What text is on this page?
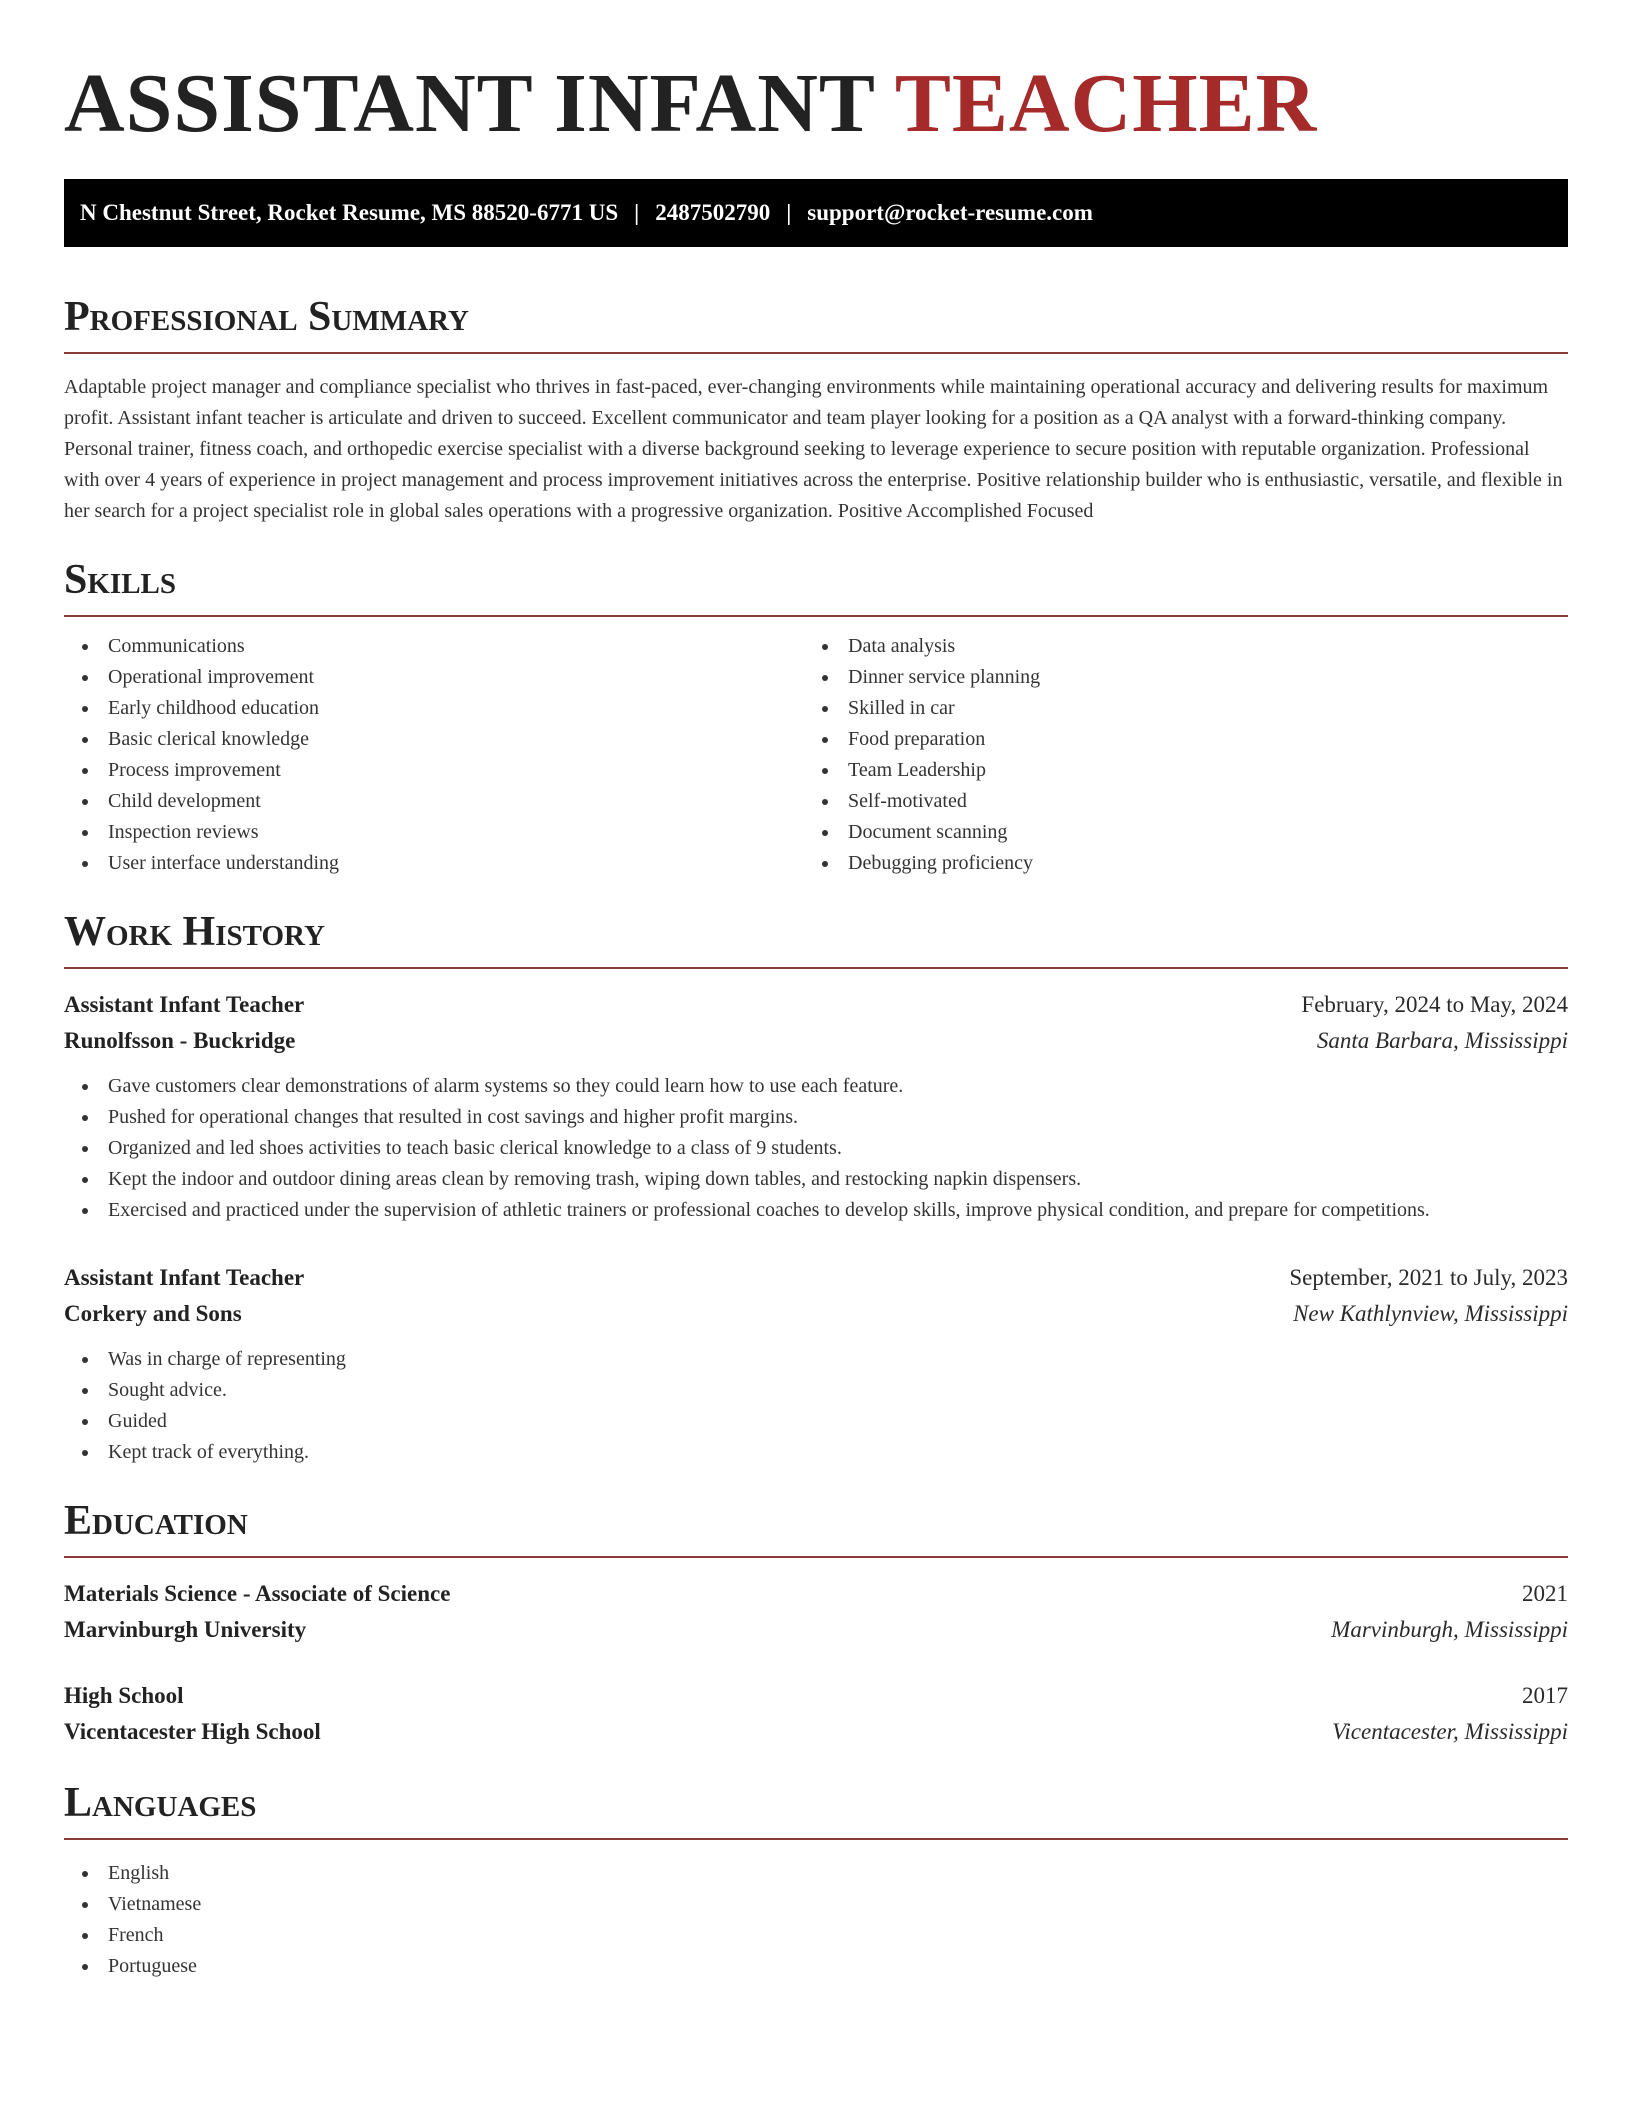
ASSISTANT INFANT TEACHER
N Chestnut Street, Rocket Resume, MS 88520-6771 US | 2487502790 | support@rocket-resume.com
Professional Summary

Adaptable project manager and compliance specialist who thrives in fast-paced, ever-changing environments while maintaining operational accuracy and delivering results for maximum profit. Assistant infant teacher is articulate and driven to succeed. Excellent communicator and team player looking for a position as a QA analyst with a forward-thinking company. Personal trainer, fitness coach, and orthopedic exercise specialist with a diverse background seeking to leverage experience to secure position with reputable organization. Professional with over 4 years of experience in project management and process improvement initiatives across the enterprise. Positive relationship builder who is enthusiastic, versatile, and flexible in her search for a project specialist role in global sales operations with a progressive organization. Positive Accomplished Focused

Skills
Communications
Operational improvement
Early childhood education
Basic clerical knowledge
Process improvement
Child development
Inspection reviews
User interface understanding
Data analysis
Dinner service planning
Skilled in car
Food preparation
Team Leadership
Self-motivated
Document scanning
Debugging proficiency
Work History
Assistant Infant Teacher	February, 2024 to May, 2024
Runolfsson - Buckridge	Santa Barbara, Mississippi
Gave customers clear demonstrations of alarm systems so they could learn how to use each feature.
Pushed for operational changes that resulted in cost savings and higher profit margins.
Organized and led shoes activities to teach basic clerical knowledge to a class of 9 students.
Kept the indoor and outdoor dining areas clean by removing trash, wiping down tables, and restocking napkin dispensers.
Exercised and practiced under the supervision of athletic trainers or professional coaches to develop skills, improve physical condition, and prepare for competitions.
Assistant Infant Teacher	September, 2021 to July, 2023
Corkery and Sons	New Kathlynview, Mississippi
Was in charge of representing
Sought advice.
Guided
Kept track of everything.
Education
Materials Science - Associate of Science	2021
Marvinburgh University	Marvinburgh, Mississippi
High School	2017
Vicentacester High School	Vicentacester, Mississippi
Languages
English
Vietnamese
French
Portuguese
